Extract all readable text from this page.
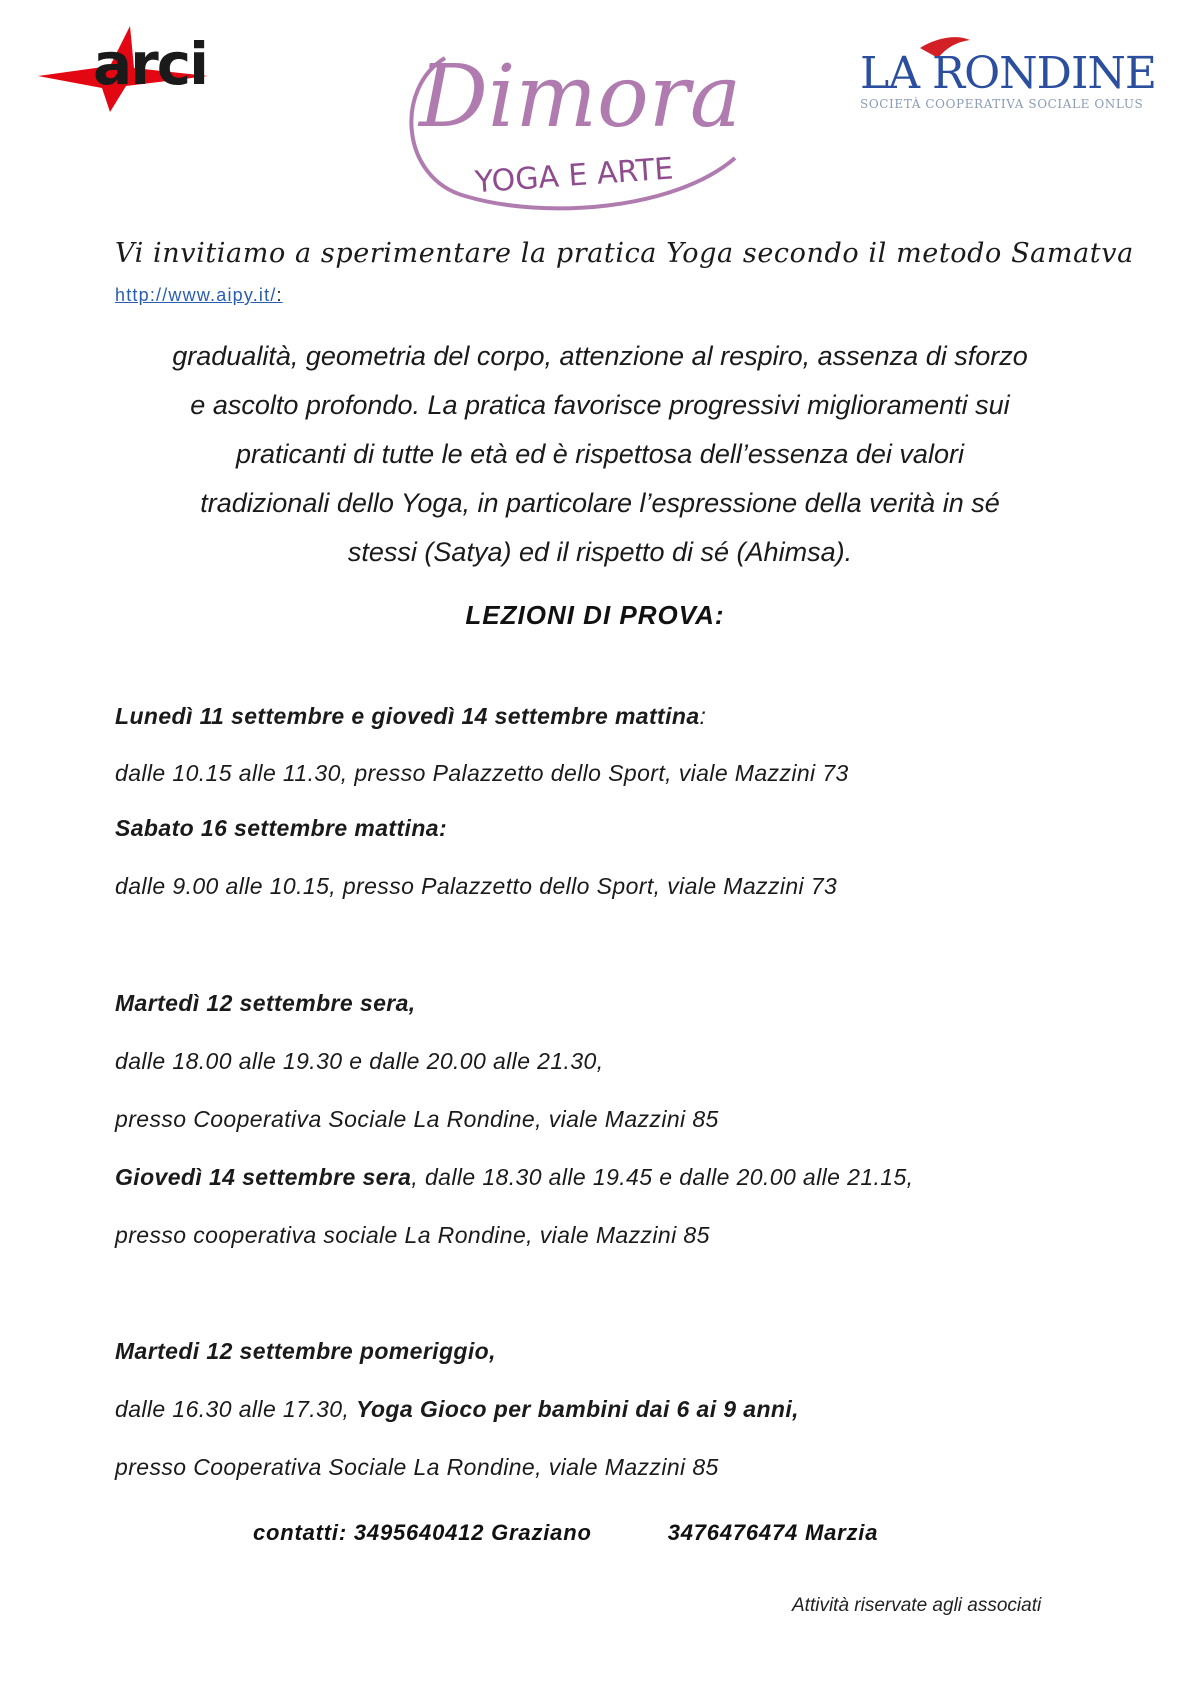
arci Dimora
YOGA E ARTE
LA RONDINE
SOCIETÀ COOPERATIVA SOCIALE ONLUS
Vi invitiamo a sperimentare la pratica Yoga secondo il metodo Samatva
http://www.aipy.it/:
gradualità, geometria del corpo, attenzione al respiro, assenza di sforzo
e ascolto profondo. La pratica favorisce progressivi miglioramenti sui
praticanti di tutte le età ed è rispettosa dell’essenza dei valori
tradizionali dello Yoga, in particolare l’espressione della verità in sé
stessi (Satya) ed il rispetto di sé (Ahimsa).
LEZIONI DI PROVA:
Lunedì 11 settembre e giovedì 14 settembre mattina:
dalle 10.15 alle 11.30, presso Palazzetto dello Sport, viale Mazzini 73
Sabato 16 settembre mattina:
dalle 9.00 alle 10.15, presso Palazzetto dello Sport, viale Mazzini 73
Martedì 12 settembre sera,
dalle 18.00 alle 19.30 e dalle 20.00 alle 21.30,
presso Cooperativa Sociale La Rondine, viale Mazzini 85
Giovedì 14 settembre sera, dalle 18.30 alle 19.45 e dalle 20.00 alle 21.15,
presso cooperativa sociale La Rondine, viale Mazzini 85
Martedi 12 settembre pomeriggio,
dalle 16.30 alle 17.30, Yoga Gioco per bambini dai 6 ai 9 anni,
presso Cooperativa Sociale La Rondine, viale Mazzini 85
contatti: 3495640412 Graziano	3476476474 Marzia
Attività riservate agli associati
